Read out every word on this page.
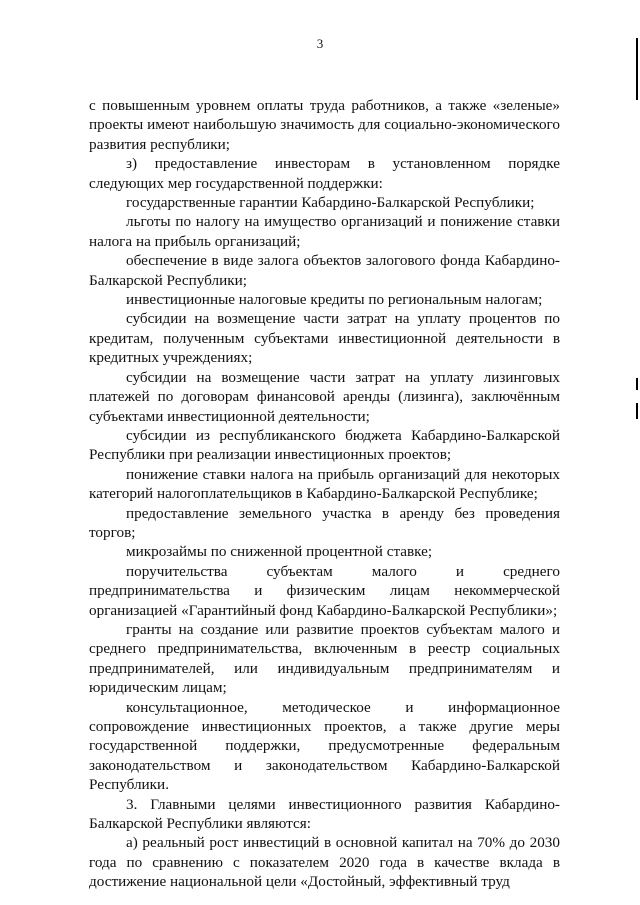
3

с повышенным уровнем оплаты труда работников, а также «зеленые» проекты имеют наибольшую значимость для социально-экономического развития республики;

з) предоставление инвесторам в установленном порядке следующих мер государственной поддержки:

государственные гарантии Кабардино-Балкарской Республики;

льготы по налогу на имущество организаций и понижение ставки налога на прибыль организаций;

обеспечение в виде залога объектов залогового фонда Кабардино-Балкарской Республики;

инвестиционные налоговые кредиты по региональным налогам;

субсидии на возмещение части затрат на уплату процентов по кредитам, полученным субъектами инвестиционной деятельности в кредитных учреждениях;

субсидии на возмещение части затрат на уплату лизинговых платежей по договорам финансовой аренды (лизинга), заключённым субъектами инвестиционной деятельности;

субсидии из республиканского бюджета Кабардино-Балкарской Республики при реализации инвестиционных проектов;

понижение ставки налога на прибыль организаций для некоторых категорий налогоплательщиков в Кабардино-Балкарской Республике;

предоставление земельного участка в аренду без проведения торгов;

микрозаймы по сниженной процентной ставке;

поручительства субъектам малого и среднего предпринимательства и физическим лицам некоммерческой организацией «Гарантийный фонд Кабардино-Балкарской Республики»;

гранты на создание или развитие проектов субъектам малого и среднего предпринимательства, включенным в реестр социальных предпринимателей, или индивидуальным предпринимателям и юридическим лицам;

консультационное, методическое и информационное сопровождение инвестиционных проектов, а также другие меры государственной поддержки, предусмотренные федеральным законодательством и законодательством Кабардино-Балкарской Республики.

3. Главными целями инвестиционного развития Кабардино-Балкарской Республики являются:

а) реальный рост инвестиций в основной капитал на 70% до 2030 года по сравнению с показателем 2020 года в качестве вклада в достижение национальной цели «Достойный, эффективный труд
